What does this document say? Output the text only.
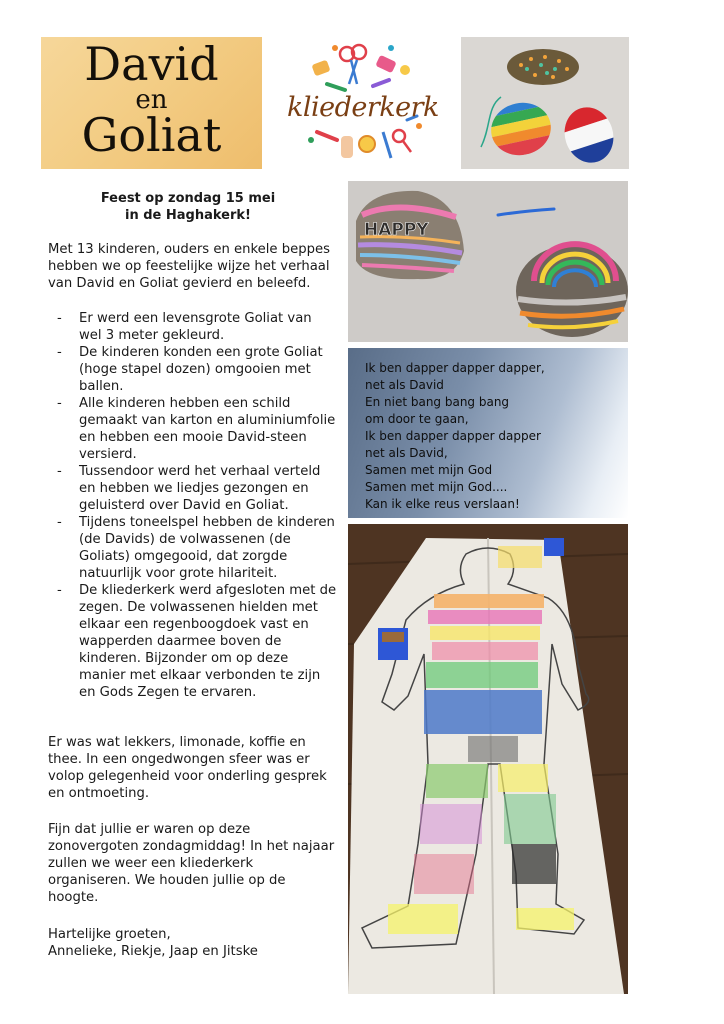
David
en
Goliat
kliederkerk
Feest op zondag 15 mei
in de Haghakerk!

Met 13 kinderen, ouders en enkele beppes hebben we op feestelijke wijze het verhaal van David en Goliat gevierd en beleefd.

- Er werd een levensgrote Goliat van wel 3 meter gekleurd.
- De kinderen konden een grote Goliat (hoge stapel dozen) omgooien met ballen.
- Alle kinderen hebben een schild gemaakt van karton en aluminiumfolie en hebben een mooie David-steen versierd.
- Tussendoor werd het verhaal verteld en hebben we liedjes gezongen en geluisterd over David en Goliat.
- Tijdens toneelspel hebben de kinderen (de Davids) de volwassenen (de Goliats) omgegooid, dat zorgde natuurlijk voor grote hilariteit.
- De kliederkerk werd afgesloten met de zegen. De volwassenen hielden met elkaar een regenboogdoek vast en wapperden daarmee boven de kinderen. Bijzonder om op deze manier met elkaar verbonden te zijn en Gods Zegen te ervaren.

Er was wat lekkers, limonade, koffie en thee. In een ongedwongen sfeer was er volop gelegenheid voor onderling gesprek en ontmoeting.

Fijn dat jullie er waren op deze zonovergoten zondagmiddag! In het najaar zullen we weer een kliederkerk organiseren. We houden jullie op de hoogte.

Hartelijke groeten,
Annelieke, Riekje, Jaap en Jitske
HAPPY
Ik ben dapper dapper dapper,
net als David
En niet bang bang bang
om door te gaan,
Ik ben dapper dapper dapper
net als David,
Samen met mijn God
Samen met mijn God....
Kan ik elke reus verslaan!
